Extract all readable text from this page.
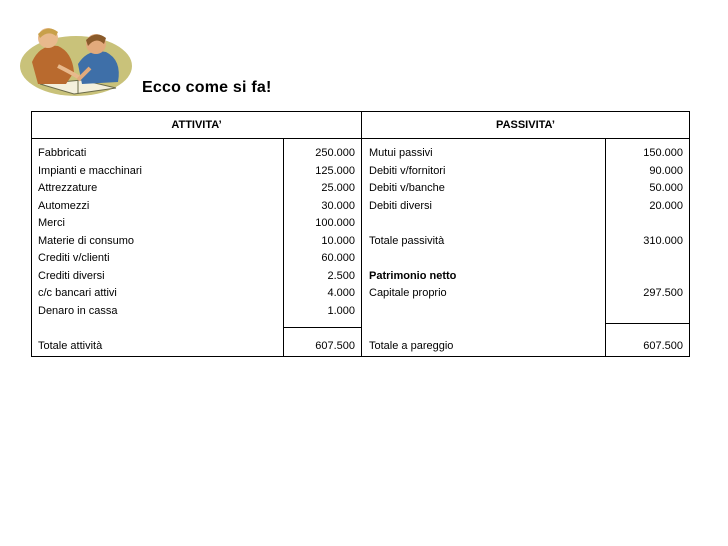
Ecco come si fa!
ATTIVITA’	PASSIVITA’
Fabbricati	250.000
Impianti e macchinari	125.000
Attrezzature	25.000
Automezzi	30.000
Merci	100.000
Materie di consumo	10.000
Crediti v/clienti	60.000
Crediti diversi	2.500
c/c bancari attivi	4.000
Denaro in cassa	1.000
Totale attività	607.500
Mutui passivi	150.000
Debiti v/fornitori	90.000
Debiti v/banche	50.000
Debiti diversi	20.000
Totale passività	310.000
Patrimonio netto
Capitale proprio	297.500
Totale a pareggio	607.500
